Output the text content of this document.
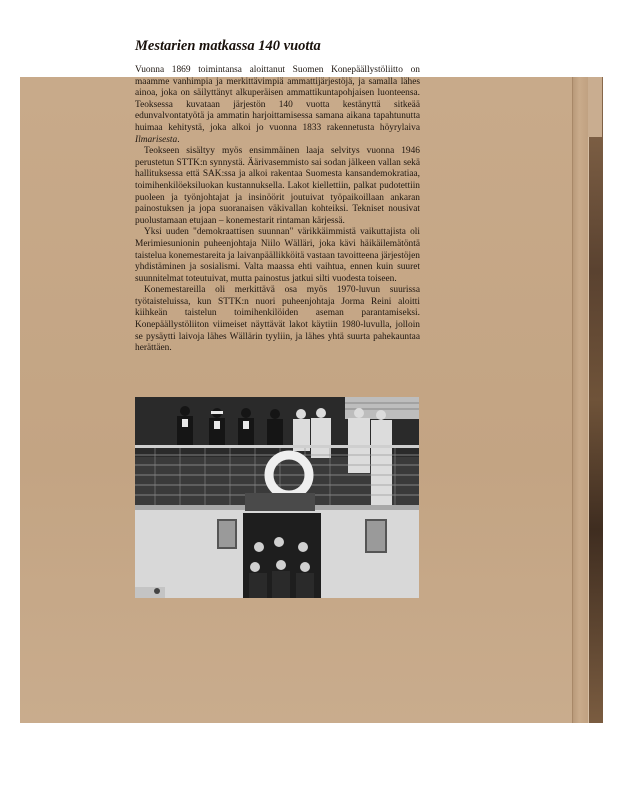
Mestarien matkassa 140 vuotta

Vuonna 1869 toimintansa aloittanut Suomen Konepäällystöliitto on maamme vanhimpia ja merkittävimpiä ammattijärjestöjä, ja samalla lähes ainoa, joka on säilyttänyt alkuperäisen ammattikuntapohjaisen luonteensa. Teoksessa kuvataan järjestön 140 vuotta kestänyttä sitkeää edunvalvontatyötä ja ammatin harjoittamisessa samana aikana tapahtunutta huimaa kehitystä, joka alkoi jo vuonna 1833 rakennetusta höyrylaiva Ilmarisesta.

Teokseen sisältyy myös ensimmäinen laaja selvitys vuonna 1946 perustetun STTK:n synnystä. Äärivasemmisto sai sodan jälkeen vallan sekä hallituksessa että SAK:ssa ja alkoi rakentaa Suomesta kansandemokratiaa, toimihenkilöeksiluokan kustannuksella. Lakot kiellettiin, palkat pudotettiin puoleen ja työnjohtajat ja insinöörit joutuivat työpaikoillaan ankaran painostuksen ja jopa suoranaisen väkivallan kohteiksi. Tekniset nousivat puolustamaan etujaan – konemestarit rintaman kärjessä.

Yksi uuden "demokraattisen suunnan" värikkäimmistä vaikuttajista oli Merimiesunionin puheenjohtaja Niilo Wälläri, joka kävi häikäilemätöntä taistelua konemestareita ja laivanpäällikköitä vastaan tavoitteena järjestöjen yhdistäminen ja sosialismi. Valta maassa ehti vaihtua, ennen kuin suuret suunnitelmat toteutuivat, mutta painostus jatkui silti vuodesta toiseen.

Konemestareilla oli merkittävä osa myös 1970-luvun suurissa työtaisteluissa, kun STTK:n nuori puheenjohtaja Jorma Reini aloitti kiihkeän taistelun toimihenkilöiden aseman parantamiseksi. Konepäällystöliiton viimeiset näyttävät lakot käytiin 1980-luvulla, jolloin se pysäytti laivoja lähes Wällärin tyyliin, ja lähes yhtä suurta pahekauntaa herättäen.
